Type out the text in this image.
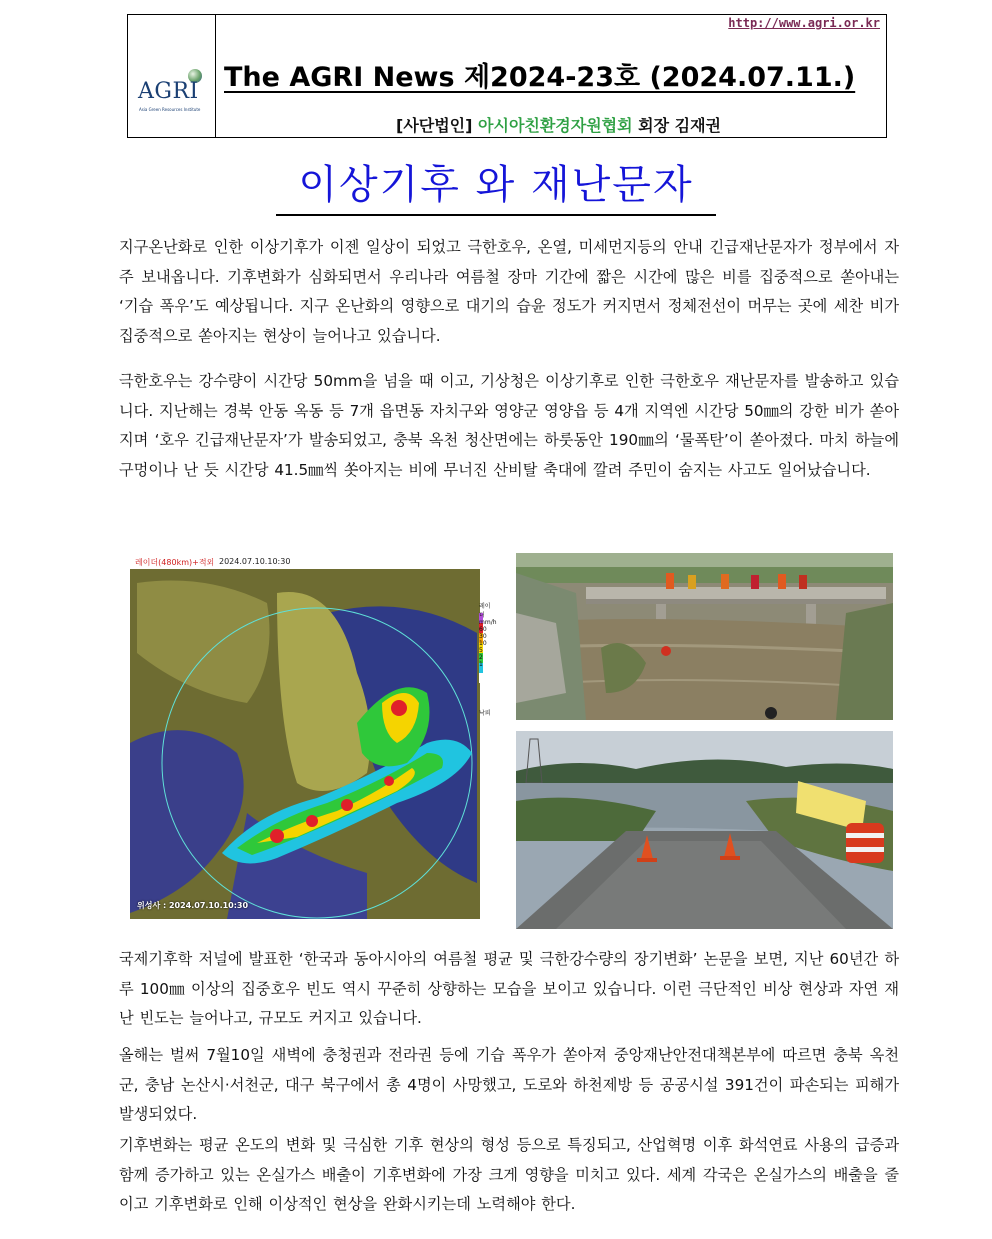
AGRI
Asia Green Resources Institute
http://www.agri.or.kr
The AGRI News 제2024-23호 (2024.07.11.)
[사단법인] 아시아친환경자원협회 회장 김재권
이상기후 와 재난문자

지구온난화로 인한 이상기후가 이젠 일상이 되었고 극한호우, 온열, 미세먼지등의 안내 긴급재난문자가 정부에서 자주 보내옵니다. 기후변화가 심화되면서 우리나라 여름철 장마 기간에 짧은 시간에 많은 비를 집중적으로 쏟아내는 ‘기습 폭우’도 예상됩니다. 지구 온난화의 영향으로 대기의 습윤 정도가 커지면서 정체전선이 머무는 곳에 세찬 비가 집중적으로 쏟아지는 현상이 늘어나고 있습니다.

극한호우는 강수량이 시간당 50mm을 넘을 때 이고, 기상청은 이상기후로 인한 극한호우 재난문자를 발송하고 있습니다. 지난해는 경북 안동 옥동 등 7개 읍면동 자치구와 영양군 영양읍 등 4개 지역엔 시간당 50㎜의 강한 비가 쏟아지며 ‘호우 긴급재난문자’가 발송되었고, 충북 옥천 청산면에는 하룻동안 190㎜의 ‘물폭탄’이 쏟아졌다. 마치 하늘에 구멍이나 난 듯 시간당 41.5㎜씩 쏫아지는 비에 무너진 산비탈 축대에 깔려 주민이 숨지는 사고도 일어났습니다.

레이더(480km)+적외 2024.07.10.10:30
위성사 : 2024.07.10.10:30
레이더
mm/h
60
30
10
5
2
1
낙뢰

국제기후학 저널에 발표한 ‘한국과 동아시아의 여름철 평균 및 극한강수량의 장기변화’ 논문을 보면, 지난 60년간 하루 100㎜ 이상의 집중호우 빈도 역시 꾸준히 상향하는 모습을 보이고 있습니다. 이런 극단적인 비상 현상과 자연 재난 빈도는 늘어나고, 규모도 커지고 있습니다.

올해는 벌써 7월10일 새벽에 충청권과 전라권 등에 기습 폭우가 쏟아져 중앙재난안전대책본부에 따르면 충북 옥천군, 충남 논산시·서천군, 대구 북구에서 총 4명이 사망했고, 도로와 하천제방 등 공공시설 391건이 파손되는 피해가 발생되었다.

기후변화는 평균 온도의 변화 및 극심한 기후 현상의 형성 등으로 특징되고, 산업혁명 이후 화석연료 사용의 급증과 함께 증가하고 있는 온실가스 배출이 기후변화에 가장 크게 영향을 미치고 있다. 세계 각국은 온실가스의 배출을 줄이고 기후변화로 인해 이상적인 현상을 완화시키는데 노력해야 한다.
